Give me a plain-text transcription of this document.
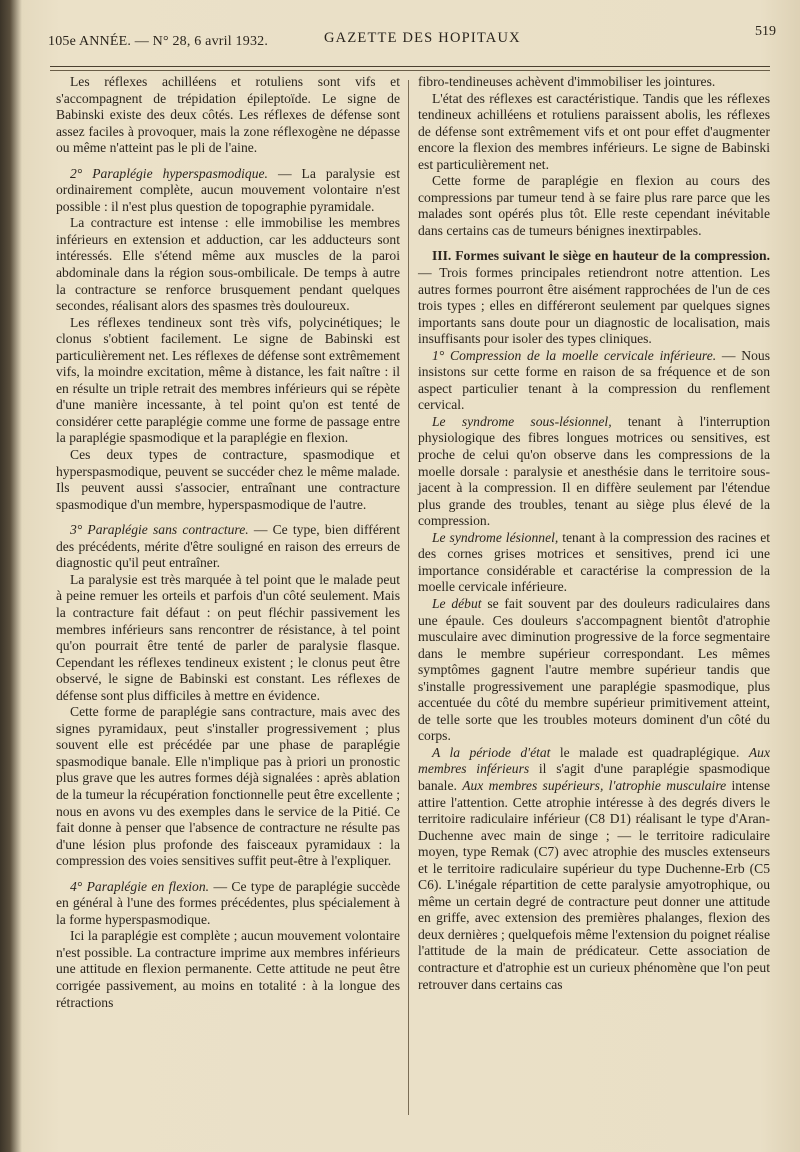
105e ANNÉE. — N° 28, 6 avril 1932.	GAZETTE DES HOPITAUX	519

Les réflexes achilléens et rotuliens sont vifs et s'accompagnent de trépidation épileptoïde. Le signe de Babinski existe des deux côtés. Les réflexes de défense sont assez faciles à provoquer, mais la zone réflexogène ne dépasse ou même n'atteint pas le pli de l'aine.

2° Paraplégie hyperspasmodique. — La paralysie est ordinairement complète, aucun mouvement volontaire n'est possible : il n'est plus question de topographie pyramidale.

La contracture est intense : elle immobilise les membres inférieurs en extension et adduction, car les adducteurs sont intéressés. Elle s'étend même aux muscles de la paroi abdominale dans la région sous-ombilicale. De temps à autre la contracture se renforce brusquement pendant quelques secondes, réalisant alors des spasmes très douloureux.

Les réflexes tendineux sont très vifs, polycinétiques; le clonus s'obtient facilement. Le signe de Babinski est particulièrement net. Les réflexes de défense sont extrêmement vifs, la moindre excitation, même à distance, les fait naître : il en résulte un triple retrait des membres inférieurs qui se répète d'une manière incessante, à tel point qu'on est tenté de considérer cette paraplégie comme une forme de passage entre la paraplégie spasmodique et la paraplégie en flexion.

Ces deux types de contracture, spasmodique et hyperspasmodique, peuvent se succéder chez le même malade. Ils peuvent aussi s'associer, entraînant une contracture spasmodique d'un membre, hyperspasmodique de l'autre.

3° Paraplégie sans contracture. — Ce type, bien différent des précédents, mérite d'être souligné en raison des erreurs de diagnostic qu'il peut entraîner.

La paralysie est très marquée à tel point que le malade peut à peine remuer les orteils et parfois d'un côté seulement. Mais la contracture fait défaut : on peut fléchir passivement les membres inférieurs sans rencontrer de résistance, à tel point qu'on pourrait être tenté de parler de paralysie flasque. Cependant les réflexes tendineux existent ; le clonus peut être observé, le signe de Babinski est constant. Les réflexes de défense sont plus difficiles à mettre en évidence.

Cette forme de paraplégie sans contracture, mais avec des signes pyramidaux, peut s'installer progressivement ; plus souvent elle est précédée par une phase de paraplégie spasmodique banale. Elle n'implique pas à priori un pronostic plus grave que les autres formes déjà signalées : après ablation de la tumeur la récupération fonctionnelle peut être excellente ; nous en avons vu des exemples dans le service de la Pitié. Ce fait donne à penser que l'absence de contracture ne résulte pas d'une lésion plus profonde des faisceaux pyramidaux : la compression des voies sensitives suffit peut-être à l'expliquer.

4° Paraplégie en flexion. — Ce type de paraplégie succède en général à l'une des formes précédentes, plus spécialement à la forme hyperspasmodique.

Ici la paraplégie est complète ; aucun mouvement volontaire n'est possible. La contracture imprime aux membres inférieurs une attitude en flexion permanente. Cette attitude ne peut être corrigée passivement, au moins en totalité : à la longue des rétractions

fibro-tendineuses achèvent d'immobiliser les jointures.

L'état des réflexes est caractéristique. Tandis que les réflexes tendineux achilléens et rotuliens paraissent abolis, les réflexes de défense sont extrêmement vifs et ont pour effet d'augmenter encore la flexion des membres inférieurs. Le signe de Babinski est particulièrement net.

Cette forme de paraplégie en flexion au cours des compressions par tumeur tend à se faire plus rare parce que les malades sont opérés plus tôt. Elle reste cependant inévitable dans certains cas de tumeurs bénignes inextirpables.

III. Formes suivant le siège en hauteur de la compression. — Trois formes principales retiendront notre attention. Les autres formes pourront être aisément rapprochées de l'un de ces trois types ; elles en différeront seulement par quelques signes importants sans doute pour un diagnostic de localisation, mais insuffisants pour isoler des types cliniques.

1° Compression de la moelle cervicale inférieure. — Nous insistons sur cette forme en raison de sa fréquence et de son aspect particulier tenant à la compression du renflement cervical.

Le syndrome sous-lésionnel, tenant à l'interruption physiologique des fibres longues motrices ou sensitives, est proche de celui qu'on observe dans les compressions de la moelle dorsale : paralysie et anesthésie dans le territoire sous-jacent à la compression. Il en diffère seulement par l'étendue plus grande des troubles, tenant au siège plus élevé de la compression.

Le syndrome lésionnel, tenant à la compression des racines et des cornes grises motrices et sensitives, prend ici une importance considérable et caractérise la compression de la moelle cervicale inférieure.

Le début se fait souvent par des douleurs radiculaires dans une épaule. Ces douleurs s'accompagnent bientôt d'atrophie musculaire avec diminution progressive de la force segmentaire dans le membre supérieur correspondant. Les mêmes symptômes gagnent l'autre membre supérieur tandis que s'installe progressivement une paraplégie spasmodique, plus accentuée du côté du membre supérieur primitivement atteint, de telle sorte que les troubles moteurs dominent d'un côté du corps.

A la période d'état le malade est quadraplégique. Aux membres inférieurs il s'agit d'une paraplégie spasmodique banale. Aux membres supérieurs, l'atrophie musculaire intense attire l'attention. Cette atrophie intéresse à des degrés divers le territoire radiculaire inférieur (C8 D1) réalisant le type d'Aran-Duchenne avec main de singe ; — le territoire radiculaire moyen, type Remak (C7) avec atrophie des muscles extenseurs et le territoire radiculaire supérieur du type Duchenne-Erb (C5 C6). L'inégale répartition de cette paralysie amyotrophique, ou même un certain degré de contracture peut donner une attitude en griffe, avec extension des premières phalanges, flexion des deux dernières ; quelquefois même l'extension du poignet réalise l'attitude de la main de prédicateur. Cette association de contracture et d'atrophie est un curieux phénomène que l'on peut retrouver dans certains cas
